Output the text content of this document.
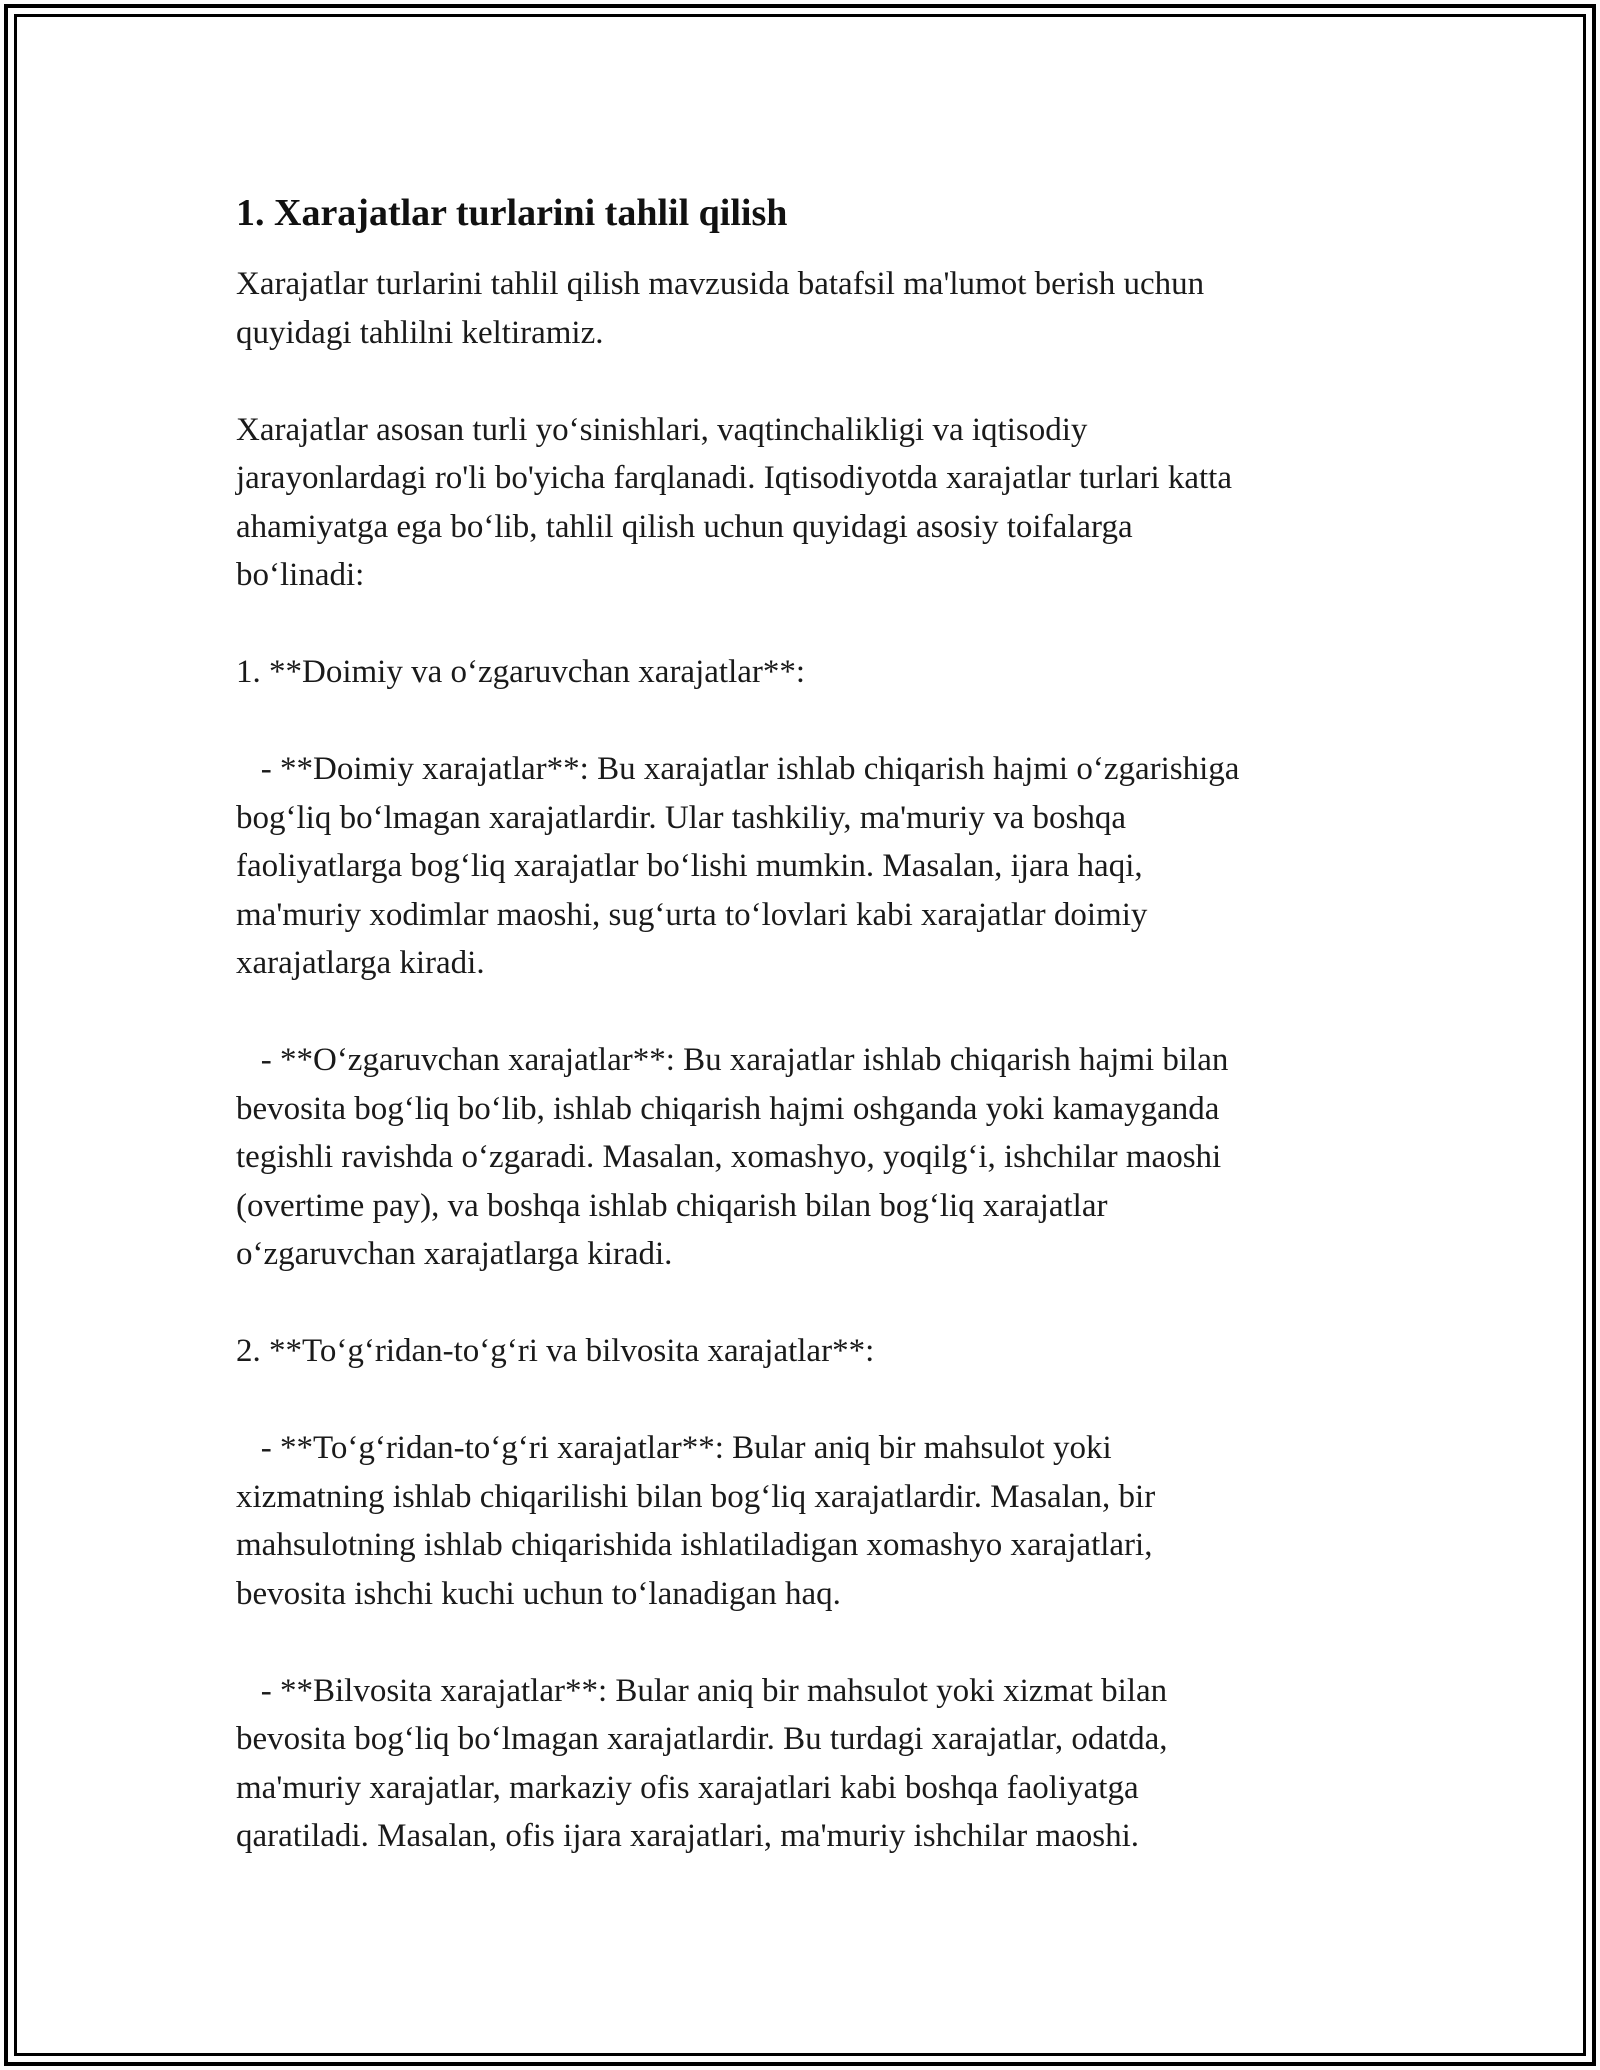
1. Xarajatlar turlarini tahlil qilish

Xarajatlar turlarini tahlil qilish mavzusida batafsil ma'lumot berish uchun
quyidagi tahlilni keltiramiz.

Xarajatlar asosan turli yo‘sinishlari, vaqtinchalikligi va iqtisodiy
jarayonlardagi ro'li bo'yicha farqlanadi. Iqtisodiyotda xarajatlar turlari katta
ahamiyatga ega bo‘lib, tahlil qilish uchun quyidagi asosiy toifalarga
bo‘linadi:

1. **Doimiy va o‘zgaruvchan xarajatlar**:

- **Doimiy xarajatlar**: Bu xarajatlar ishlab chiqarish hajmi o‘zgarishiga
bog‘liq bo‘lmagan xarajatlardir. Ular tashkiliy, ma'muriy va boshqa
faoliyatlarga bog‘liq xarajatlar bo‘lishi mumkin. Masalan, ijara haqi,
ma'muriy xodimlar maoshi, sug‘urta to‘lovlari kabi xarajatlar doimiy
xarajatlarga kiradi.

- **O‘zgaruvchan xarajatlar**: Bu xarajatlar ishlab chiqarish hajmi bilan
bevosita bog‘liq bo‘lib, ishlab chiqarish hajmi oshganda yoki kamayganda
tegishli ravishda o‘zgaradi. Masalan, xomashyo, yoqilg‘i, ishchilar maoshi
(overtime pay), va boshqa ishlab chiqarish bilan bog‘liq xarajatlar
o‘zgaruvchan xarajatlarga kiradi.

2. **To‘g‘ridan-to‘g‘ri va bilvosita xarajatlar**:

- **To‘g‘ridan-to‘g‘ri xarajatlar**: Bular aniq bir mahsulot yoki
xizmatning ishlab chiqarilishi bilan bog‘liq xarajatlardir. Masalan, bir
mahsulotning ishlab chiqarishida ishlatiladigan xomashyo xarajatlari,
bevosita ishchi kuchi uchun to‘lanadigan haq.

- **Bilvosita xarajatlar**: Bular aniq bir mahsulot yoki xizmat bilan
bevosita bog‘liq bo‘lmagan xarajatlardir. Bu turdagi xarajatlar, odatda,
ma'muriy xarajatlar, markaziy ofis xarajatlari kabi boshqa faoliyatga
qaratiladi. Masalan, ofis ijara xarajatlari, ma'muriy ishchilar maoshi.
